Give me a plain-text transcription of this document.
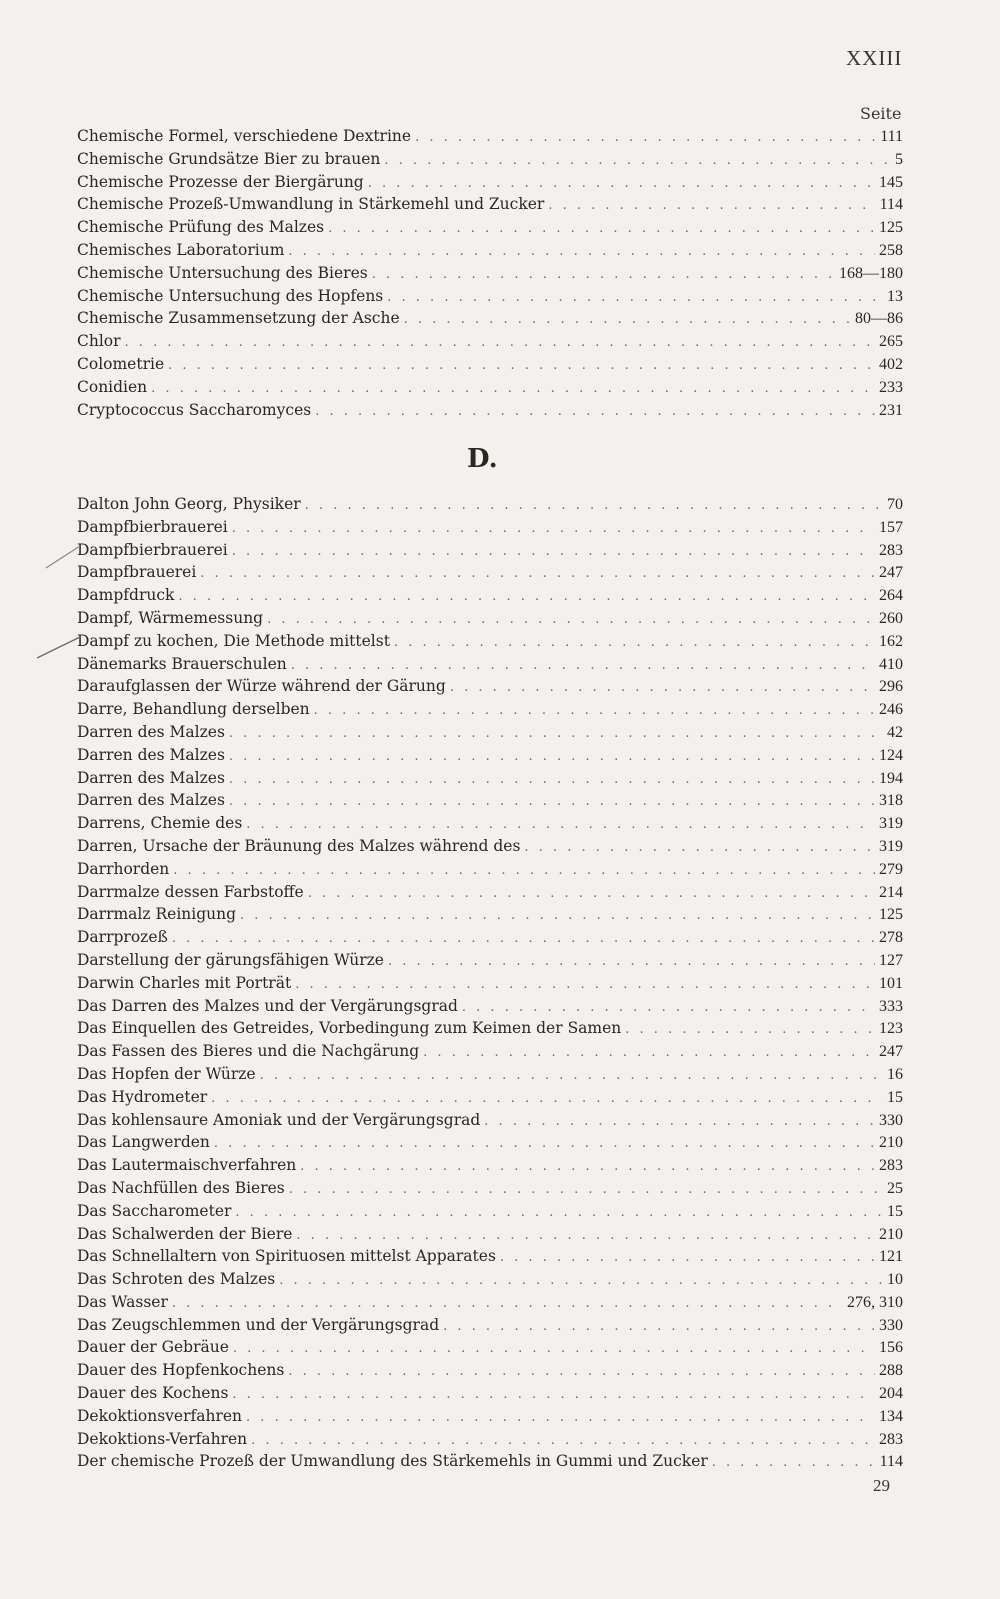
XXIII
Seite
Chemische Formel, verschiedene Dextrine . . .	111
Chemische Grundsätze Bier zu brauen . . .	5
Chemische Prozesse der Biergärung . . .	145
Chemische Prozeß-Umwandlung in Stärkemehl und Zucker . . .	114
Chemische Prüfung des Malzes . . .	125
Chemisches Laboratorium . . .	258
Chemische Untersuchung des Bieres . . .	168—180
Chemische Untersuchung des Hopfens . . .	13
Chemische Zusammensetzung der Asche . . .	80—86
Chlor . . .	265
Colometrie . . .	402
Conidien . . .	233
Cryptococcus Saccharomyces . . .	231
D.
Dalton John Georg, Physiker . . .	70
Dampfbierbrauerei . . .	157
Dampfbierbrauerei . . .	283
Dampfbrauerei . . .	247
Dampfdruck . . .	264
Dampf, Wärmemessung . . .	260
Dampf zu kochen, Die Methode mittelst . . .	162
Dänemarks Brauerschulen . . .	410
Daraufglassen der Würze während der Gärung . . .	296
Darre, Behandlung derselben . . .	246
Darren des Malzes . . .	42
Darren des Malzes . . .	124
Darren des Malzes . . .	194
Darren des Malzes . . .	318
Darrens, Chemie des . . .	319
Darren, Ursache der Bräunung des Malzes während des . . .	319
Darrhorden . . .	279
Darrmalze dessen Farbstoffe . . .	214
Darrmalz Reinigung . . .	125
Darrprozeß . . .	278
Darstellung der gärungsfähigen Würze . . .	127
Darwin Charles mit Porträt . . .	101
Das Darren des Malzes und der Vergärungsgrad . . .	333
Das Einquellen des Getreides, Vorbedingung zum Keimen der Samen . . .	123
Das Fassen des Bieres und die Nachgärung . . .	247
Das Hopfen der Würze . . .	16
Das Hydrometer . . .	15
Das kohlensaure Amoniak und der Vergärungsgrad . . .	330
Das Langwerden . . .	210
Das Lautermaischverfahren . . .	283
Das Nachfüllen des Bieres . . .	25
Das Saccharometer . . .	15
Das Schalwerden der Biere . . .	210
Das Schnellaltern von Spirituosen mittelst Apparates . . .	121
Das Schroten des Malzes . . .	10
Das Wasser . . .	276, 310
Das Zeugschlemmen und der Vergärungsgrad . . .	330
Dauer der Gebräue . . .	156
Dauer des Hopfenkochens . . .	288
Dauer des Kochens . . .	204
Dekoktionsverfahren . . .	134
Dekoktions-Verfahren . . .	283
Der chemische Prozeß der Umwandlung des Stärkemehls in Gummi und Zucker . . .	114
29
